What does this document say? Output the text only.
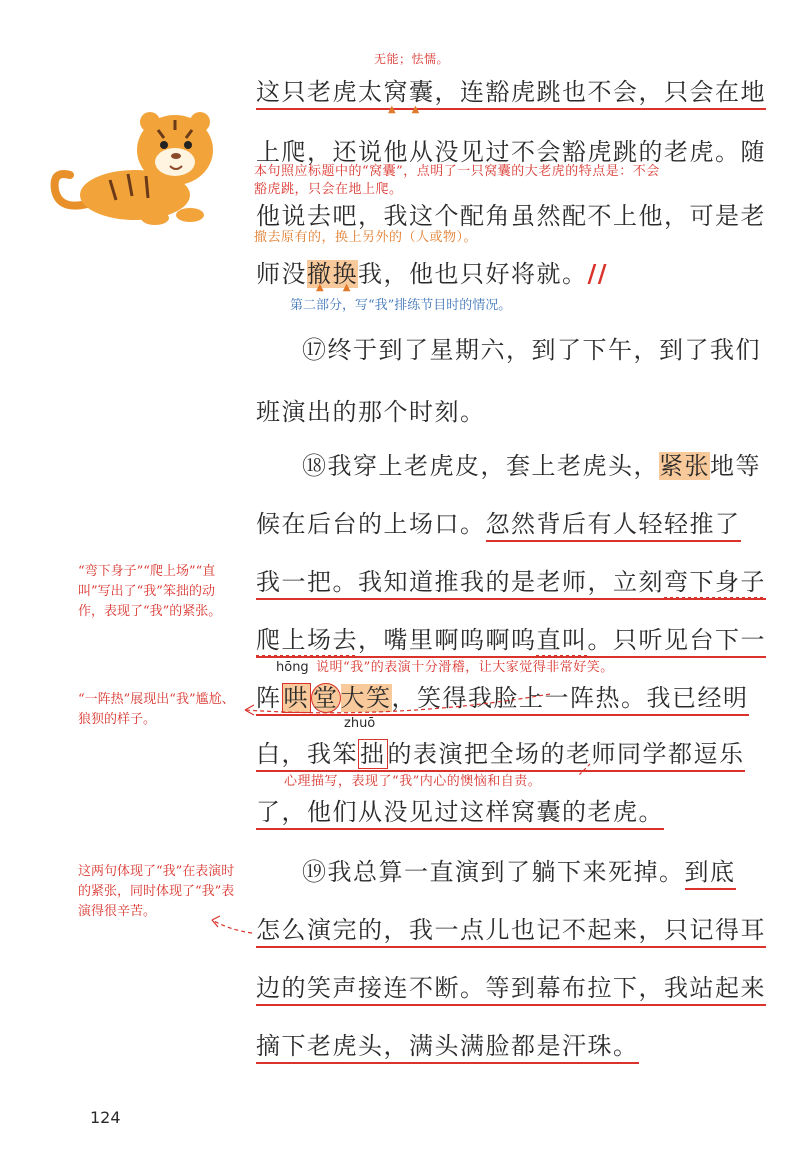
无能；怯懦。
这只老虎太窝囊，连豁虎跳也不会，只会在地
▲     ▲
上爬，还说他从没见过不会豁虎跳的老虎。随
本句照应标题中的“窝囊”，点明了一只窝囊的大老虎的特点是：不会
豁虎跳，只会在地上爬。
他说去吧，我这个配角虽然配不上他，可是老
撤去原有的，换上另外的（人或物）。
师没撤换我，他也只好将就。//
▲      ▲
第二部分，写“我”排练节目时的情况。
⑰终于到了星期六，到了下午，到了我们
班演出的那个时刻。
⑱我穿上老虎皮，套上老虎头，紧张地等
候在后台的上场口。忽然背后有人轻轻推了
我一把。我知道推我的是老师，立刻弯下身子
爬上场去，嘴里啊呜啊呜直叫。只听见台下一
hōng 说明“我”的表演十分滑稽，让大家觉得非常好笑。
阵哄 堂大笑，笑得我脸上一阵热。我已经明
zhuō
白，我笨拙的表演把全场的老师同学都逗乐
心理描写，表现了“我”内心的懊恼和自责。
了，他们从没见过这样窝囊的老虎。
⑲我总算一直演到了躺下来死掉。到底
怎么演完的，我一点儿也记不起来，只记得耳
边的笑声接连不断。等到幕布拉下，我站起来
摘下老虎头，满头满脸都是汗珠。
“弯下身子”“爬上场”“直叫”写出了“我”笨拙的动作，表现了“我”的紧张。
“一阵热”展现出“我”尴尬、狼狈的样子。
这两句体现了“我”在表演时的紧张，同时体现了“我”表演得很辛苦。
124
